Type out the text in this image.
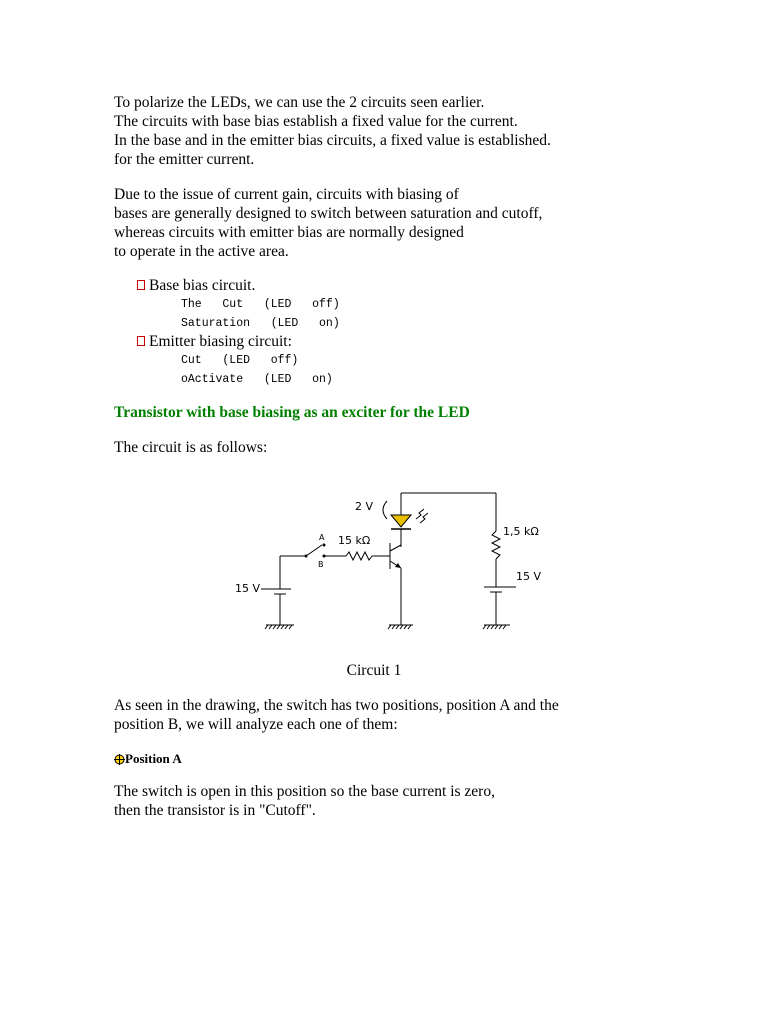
To polarize the LEDs, we can use the 2 circuits seen earlier.
The circuits with base bias establish a fixed value for the current.
In the base and in the emitter bias circuits, a fixed value is established.
for the emitter current.

Due to the issue of current gain, circuits with biasing of
bases are generally designed to switch between saturation and cutoff,
whereas circuits with emitter bias are normally designed
to operate in the active area.

Base bias circuit.
The   Cut   (LED   off)
Saturation   (LED   on)
Emitter biasing circuit:
Cut   (LED   off)
oActivate   (LED   on)

Transistor with base biasing as an exciter for the LED

The circuit is as follows:

2 V
15 kΩ
1,5 kΩ
15 V
15 V
A
B
Circuit 1

As seen in the drawing, the switch has two positions, position A and the
position B, we will analyze each one of them:

Position A

The switch is open in this position so the base current is zero,
then the transistor is in "Cutoff".
